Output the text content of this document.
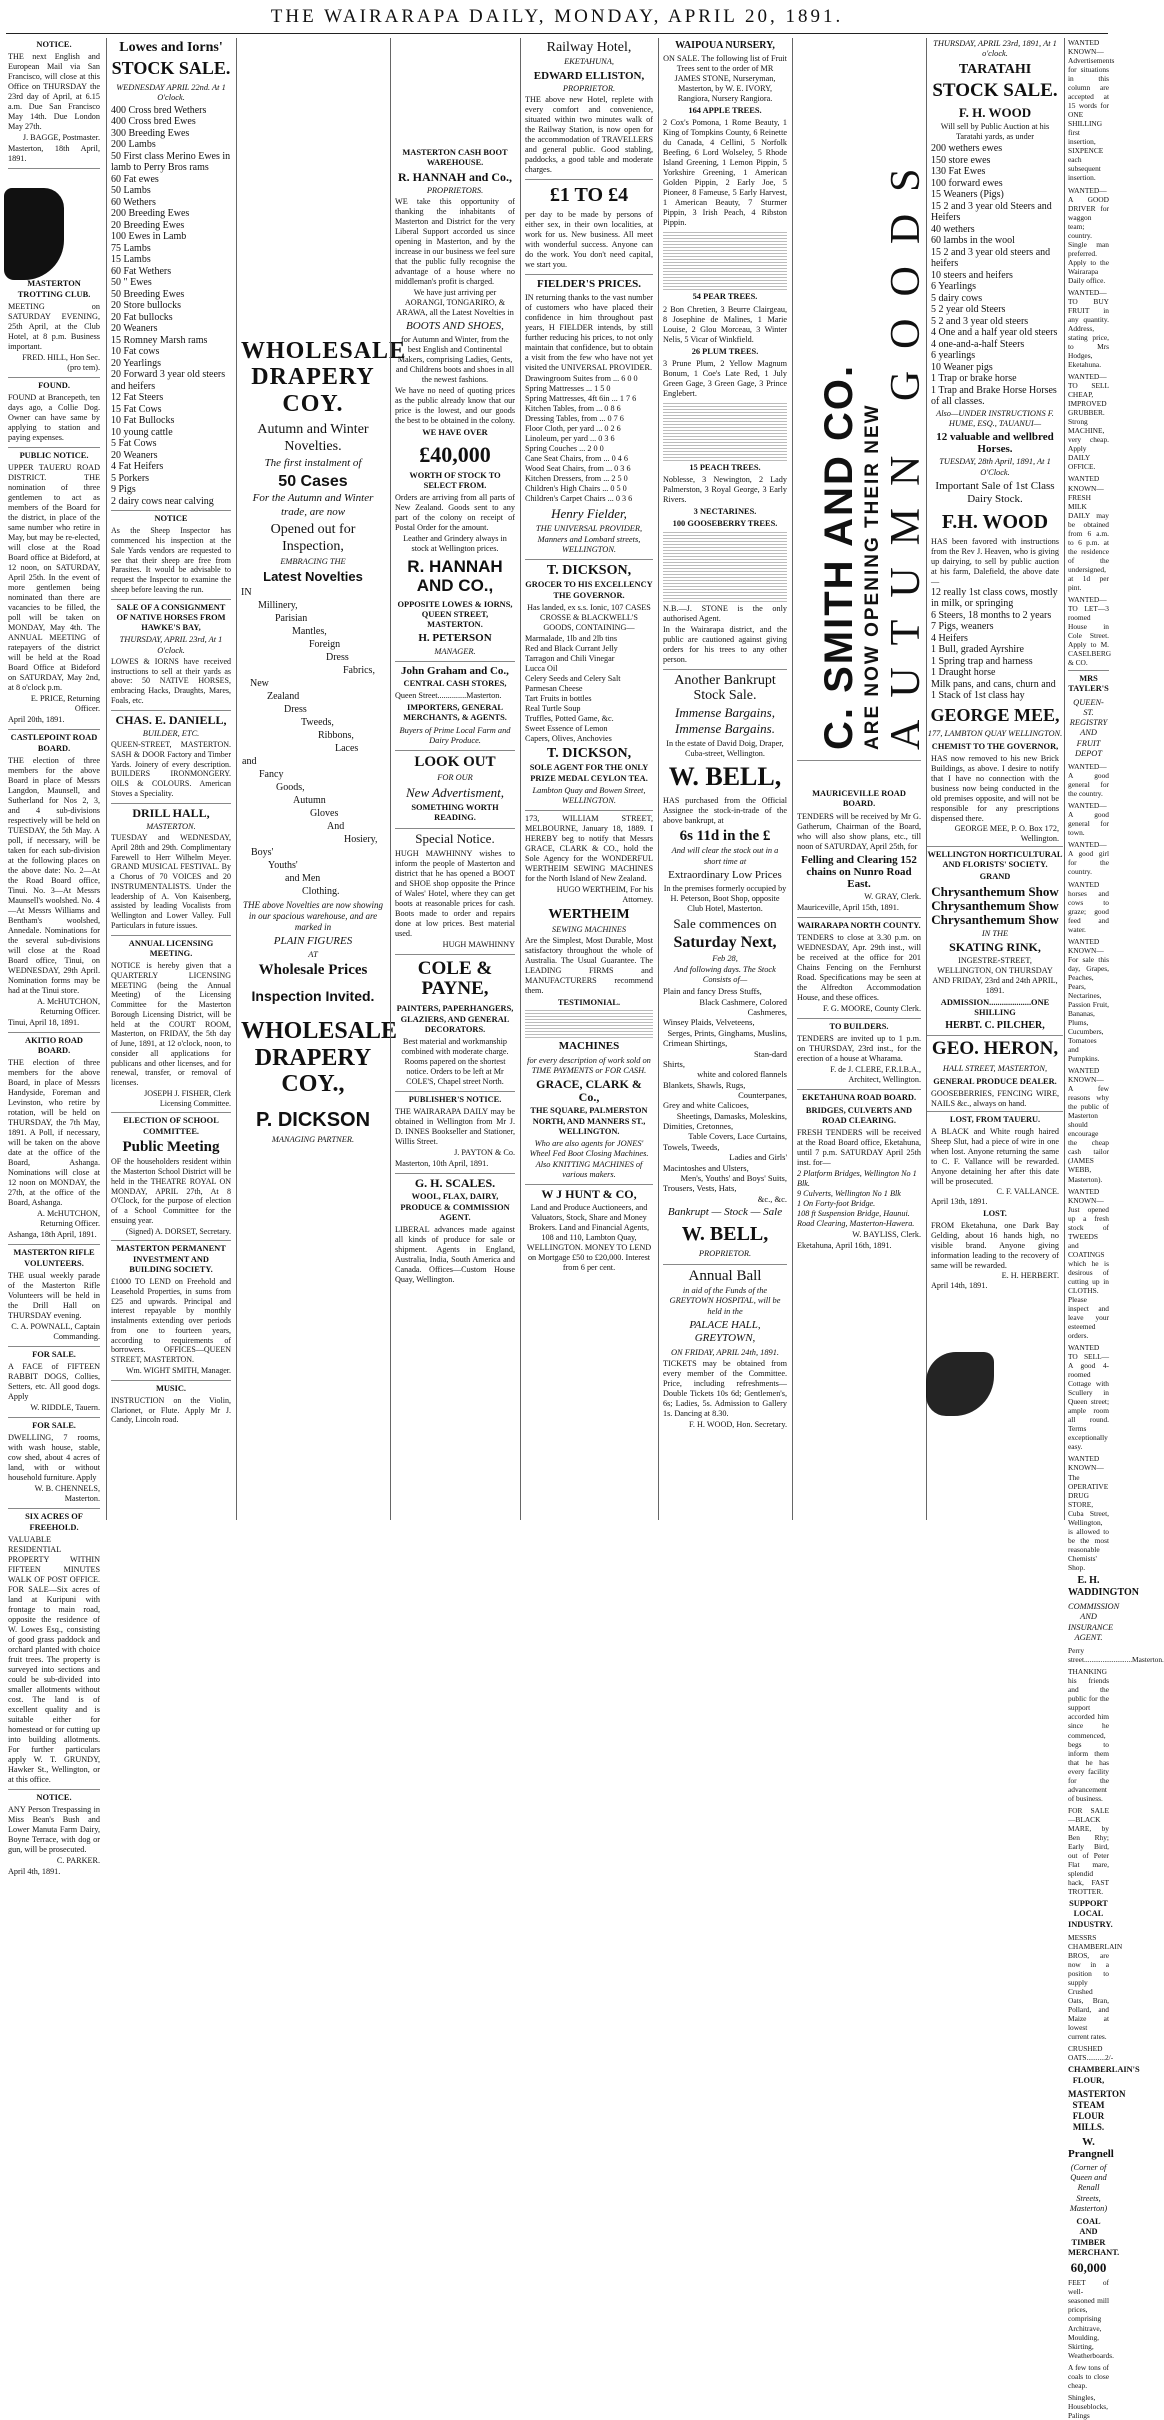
THE WAIRARAPA DAILY, MONDAY, APRIL 20, 1891.
NOTICE.
THE next English and European Mail via San Francisco, will close at this Office on THURSDAY the 23rd day of April, at 6.15 a.m. Due San Francisco May 14th. Due London May 27th.
J. BAGGE, Postmaster.
Masterton, 18th April, 1891.
MASTERTON TROTTING CLUB.
MEETING on SATURDAY EVENING, 25th April, at the Club Hotel, at 8 p.m. Business important.
FRED. HILL, Hon Sec. (pro tem).
FOUND.
FOUND at Brancepeth, ten days ago, a Collie Dog. Owner can have same by applying to station and paying expenses.
PUBLIC NOTICE.
UPPER TAUERU ROAD DISTRICT. THE nomination of three gentlemen to act as members of the Board for the district, in place of the same number who retire in May, but may be re-elected, will close at the Road Board office at Bideford, at 12 noon, on SATURDAY, April 25th. In the event of more gentlemen being nominated than there are vacancies to be filled, the poll will be taken on MONDAY, May 4th. The ANNUAL MEETING of ratepayers of the district will be held at the Road Board Office at Bideford on SATURDAY, May 2nd, at 8 o'clock p.m.
E. PRICE, Returning Officer.
April 20th, 1891.
CASTLEPOINT ROAD BOARD.
THE election of three members for the above Board in place of Messrs Langdon, Maunsell, and Sutherland for Nos 2, 3, and 4 sub-divisions respectively will be held on TUESDAY, the 5th May. A poll, if necessary, will be taken for each sub-division at the following places on the above date: No. 2—At the Road Board office, Tinui. No. 3—At Messrs Maunsell's woolshed. No. 4—At Messrs Williams and Bentham's woolshed, Annedale. Nominations for the several sub-divisions will close at the Road Board office, Tinui, on WEDNESDAY, 29th April. Nomination forms may be had at the Tinui store.
A. McHUTCHON, Returning Officer.
Tinui, April 18, 1891.
AKITIO ROAD BOARD.
THE election of three members for the above Board, in place of Messrs Handyside, Foreman and Levinston, who retire by rotation, will be held on THURSDAY, the 7th May, 1891. A Poll, if necessary, will be taken on the above date at the office of the Board, Ashanga. Nominations will close at 12 noon on MONDAY, the 27th, at the office of the Board, Ashanga.
A. McHUTCHON, Returning Officer.
Ashanga, 18th April, 1891.
MASTERTON RIFLE VOLUNTEERS.
THE usual weekly parade of the Masterton Rifle Volunteers will be held in the Drill Hall on THURSDAY evening.
C. A. POWNALL, Captain Commanding.
FOR SALE.
A FACE of FIFTEEN RABBIT DOGS, Collies, Setters, etc. All good dogs. Apply
W. RIDDLE, Tauern.
FOR SALE.
DWELLING, 7 rooms, with wash house, stable, cow shed, about 4 acres of land, with or without household furniture. Apply
W. B. CHENNELS, Masterton.
SIX ACRES OF FREEHOLD.
VALUABLE RESIDENTIAL PROPERTY WITHIN FIFTEEN MINUTES WALK OF POST OFFICE. FOR SALE—Six acres of land at Kuripuni with frontage to main road, opposite the residence of W. Lowes Esq., consisting of good grass paddock and orchard planted with choice fruit trees. The property is surveyed into sections and could be sub-divided into smaller allotments without cost. The land is of excellent quality and is suitable either for homestead or for cutting up into building allotments. For further particulars apply W. T. GRUNDY, Hawker St., Wellington, or at this office.
NOTICE.
ANY Person Trespassing in Miss Bean's Bush and Lower Manuta Farm Dairy, Boyne Terrace, with dog or gun, will be prosecuted.
C. PARKER.
April 4th, 1891.
Lowes and Iorns'
STOCK SALE.
WEDNESDAY APRIL 22nd. At 1 O'clock.
400 Cross bred Wethers
400 Cross bred Ewes
300 Breeding Ewes
200 Lambs
50 First class Merino Ewes in lamb to Perry Bros rams
60 Fat ewes
50 Lambs
60 Wethers
200 Breeding Ewes
20 Breeding Ewes
100 Ewes in Lamb
75 Lambs
15 Lambs
60 Fat Wethers
50 " Ewes
50 Breeding Ewes
20 Store bullocks
20 Fat bullocks
20 Weaners
15 Romney Marsh rams
10 Fat cows
20 Yearlings
20 Forward 3 year old steers and heifers
12 Fat Steers
15 Fat Cows
10 Fat Bullocks
10 young cattle
5 Fat Cows
20 Weaners
4 Fat Heifers
5 Porkers
9 Pigs
2 dairy cows near calving
NOTICE
As the Sheep Inspector has commenced his inspection at the Sale Yards vendors are requested to see that their sheep are free from Parasites. It would be advisable to request the Inspector to examine the sheep before leaving the run.
SALE OF A CONSIGNMENT OF NATIVE HORSES FROM HAWKE'S BAY,
THURSDAY, APRIL 23rd, At 1 O'clock.
LOWES & IORNS have received instructions to sell at their yards as above: 50 NATIVE HORSES, embracing Hacks, Draughts, Mares, Foals, etc.
CHAS. E. DANIELL,
BUILDER, ETC.
QUEEN-STREET, MASTERTON. SASH & DOOR Factory and Timber Yards. Joinery of every description. BUILDERS IRONMONGERY. OILS & COLOURS. American Stoves a Speciality.
DRILL HALL,
MASTERTON.
TUESDAY and WEDNESDAY, April 28th and 29th. Complimentary Farewell to Herr Wilhelm Meyer. GRAND MUSICAL FESTIVAL. By a Chorus of 70 VOICES and 20 INSTRUMENTALISTS. Under the leadership of A. Von Kaisenberg, assisted by leading Vocalists from Wellington and Lower Valley. Full Particulars in future issues.
ANNUAL LICENSING MEETING.
NOTICE is hereby given that a QUARTERLY LICENSING MEETING (being the Annual Meeting) of the Licensing Committee for the Masterton Borough Licensing District, will be held at the COURT ROOM, Masterton, on FRIDAY, the 5th day of June, 1891, at 12 o'clock, noon, to consider all applications for publicans and other licenses, and for renewal, transfer, or removal of licenses.
JOSEPH J. FISHER, Clerk Licensing Committee.
ELECTION OF SCHOOL COMMITTEE.
Public Meeting
OF the householders resident within the Masterton School District will be held in the THEATRE ROYAL ON MONDAY, APRIL 27th, At 8 O'Clock, for the purpose of election of a School Committee for the ensuing year.
(Signed) A. DORSET, Secretary.
MASTERTON PERMANENT INVESTMENT AND BUILDING SOCIETY.
£1000 TO LEND on Freehold and Leasehold Properties, in sums from £25 and upwards. Principal and interest repayable by monthly instalments extending over periods from one to fourteen years, according to requirements of borrowers. OFFICES—QUEEN STREET, MASTERTON.
Wm. WIGHT SMITH, Manager.
MUSIC.
INSTRUCTION on the Violin, Clarionet, or Flute. Apply Mr J. Candy, Lincoln road.
WHOLESALE DRAPERY COY.
Autumn and Winter Novelties.
The first instalment of
50 Cases
For the Autumn and Winter trade, are now
Opened out for Inspection,
EMBRACING THE
Latest Novelties
IN
Millinery,
Parisian
Mantles,
Foreign
Dress
Fabrics,
New
Zealand
Dress
Tweeds,
Ribbons,
Laces
and
Fancy
Goods,
Autumn
Gloves
And
Hosiery,
Boys'
Youths'
and Men
Clothing.
THE above Novelties are now showing in our spacious warehouse, and are marked in
PLAIN FIGURES
AT
Wholesale Prices
Inspection Invited.
WHOLESALE DRAPERY COY.,
P. DICKSON
MANAGING PARTNER.
MASTERTON CASH BOOT WAREHOUSE.
R. HANNAH and Co.,
PROPRIETORS.
WE take this opportunity of thanking the inhabitants of Masterton and District for the very Liberal Support accorded us since opening in Masterton, and by the increase in our business we feel sure that the public fully recognise the advantage of a house where no middleman's profit is charged.
We have just arriving per AORANGI, TONGARIRO, & ARAWA, all the Latest Novelties in
BOOTS AND SHOES,
for Autumn and Winter, from the best English and Continental Makers, comprising Ladies, Gents, and Childrens boots and shoes in all the newest fashions.
We have no need of quoting prices as the public already know that our price is the lowest, and our goods the best to be obtained in the colony.
WE HAVE OVER
£40,000
WORTH OF STOCK TO SELECT FROM.
Orders are arriving from all parts of New Zealand. Goods sent to any part of the colony on receipt of Postal Order for the amount.
Leather and Grindery always in stock at Wellington prices.
R. HANNAH AND CO.,
OPPOSITE LOWES & IORNS, QUEEN STREET, MASTERTON.
H. PETERSON
MANAGER.
John Graham and Co.,
CENTRAL CASH STORES,
Queen Street..............Masterton.
IMPORTERS, GENERAL MERCHANTS, & AGENTS.
Buyers of Prime Local Farm and Dairy Produce.
LOOK OUT
FOR OUR
New Advertisment,
SOMETHING WORTH READING.
Special Notice.
HUGH MAWHINNY wishes to inform the people of Masterton and district that he has opened a BOOT and SHOE shop opposite the Prince of Wales' Hotel, where they can get boots at reasonable prices for cash. Boots made to order and repairs done at low prices. Best material used.
HUGH MAWHINNY
COLE & PAYNE,
PAINTERS, PAPERHANGERS, GLAZIERS, AND GENERAL DECORATORS.
Best material and workmanship combined with moderate charge. Rooms papered on the shortest notice. Orders to be left at Mr COLE'S, Chapel street North.
PUBLISHER'S NOTICE.
THE WAIRARAPA DAILY may be obtained in Wellington from Mr J. D. INNES Bookseller and Stationer, Willis Street.
J. PAYTON & Co.
Masterton, 10th April, 1891.
G. H. SCALES.
WOOL, FLAX, DAIRY, PRODUCE & COMMISSION AGENT.
LIBERAL advances made against all kinds of produce for sale or shipment. Agents in England, Australia, India, South America and Canada. Offices—Custom House Quay, Wellington.
Railway Hotel,
EKETAHUNA,
EDWARD ELLISTON,
PROPRIETOR.
THE above new Hotel, replete with every comfort and convenience, situated within two minutes walk of the Railway Station, is now open for the accommodation of TRAVELLERS and general public. Good stabling, paddocks, a good table and moderate charges.
£1 TO £4
per day to be made by persons of either sex, in their own localities, at work for us. New business. All meet with wonderful success. Anyone can do the work. You don't need capital, we start you.
FIELDER'S PRICES.
IN returning thanks to the vast number of customers who have placed their confidence in him throughout past years, H FIELDER intends, by still further reducing his prices, to not only maintain that confidence, but to obtain a visit from the few who have not yet visited the UNIVERSAL PROVIDER.
Drawingroom Suites from ... 6 0 0
Spring Mattresses ... 1 5 0
Spring Mattresses, 4ft 6in ... 1 7 6
Kitchen Tables, from ... 0 8 6
Dressing Tables, from ... 0 7 6
Floor Cloth, per yard ... 0 2 6
Linoleum, per yard ... 0 3 6
Spring Couches ... 2 0 0
Cane Seat Chairs, from ... 0 4 6
Wood Seat Chairs, from ... 0 3 6
Kitchen Dressers, from ... 2 5 0
Children's High Chairs ... 0 5 0
Children's Carpet Chairs ... 0 3 6
Henry Fielder,
THE UNIVERSAL PROVIDER, Manners and Lombard streets, WELLINGTON.
T. DICKSON,
GROCER TO HIS EXCELLENCY THE GOVERNOR.
Has landed, ex s.s. Ionic, 107 CASES CROSSE & BLACKWELL'S GOODS, CONTAINING—
Marmalade, 1lb and 2lb tins
Red and Black Currant Jelly
Tarragon and Chili Vinegar
Lucca Oil
Celery Seeds and Celery Salt
Parmesan Cheese
Tart Fruits in bottles
Real Turtle Soup
Truffles, Potted Game, &c.
Sweet Essence of Lemon
Capers, Olives, Anchovies
T. DICKSON,
SOLE AGENT FOR THE ONLY PRIZE MEDAL CEYLON TEA.
Lambton Quay and Bowen Street, WELLINGTON.
173, WILLIAM STREET, MELBOURNE, January 18, 1889. I HEREBY beg to notify that Messrs GRACE, CLARK & CO., hold the Sole Agency for the WONDERFUL WERTHEIM SEWING MACHINES for the North Island of New Zealand.
HUGO WERTHEIM, For his Attorney.
WERTHEIM
SEWING MACHINES
Are the Simplest, Most Durable, Most satisfactory throughout the whole of Australia. The Usual Guarantee. The LEADING FIRMS and MANUFACTURERS recommend them.
TESTIMONIAL.
MACHINES
for every description of work sold on TIME PAYMENTS or FOR CASH.
GRACE, CLARK & Co.,
THE SQUARE, PALMERSTON NORTH, AND MANNERS ST., WELLINGTON.
Who are also agents for JONES' Wheel Fed Boot Closing Machines. Also KNITTING MACHINES of various makers.
W J HUNT & CO,
Land and Produce Auctioneers, and Valuators, Stock, Share and Money Brokers. Land and Financial Agents, 108 and 110, Lambton Quay, WELLINGTON. MONEY TO LEND on Mortgage £50 to £20,000. Interest from 6 per cent.
WAIPOUA NURSERY,
ON SALE. The following list of Fruit Trees sent to the order of MR JAMES STONE, Nurseryman, Masterton, by W. E. IVORY, Rangiora, Nursery Rangiora.
164 APPLE TREES.
2 Cox's Pomona, 1 Rome Beauty, 1 King of Tompkins County, 6 Reinette du Canada, 4 Cellini, 5 Norfolk Beefing, 6 Lord Wolseley, 5 Rhode Island Greening, 1 Lemon Pippin, 5 Yorkshire Greening, 1 American Golden Pippin, 2 Early Joe, 5 Pioneer, 8 Fameuse, 5 Early Harvest, 1 American Beauty, 7 Sturmer Pippin, 3 Irish Peach, 4 Ribston Pippin.
54 PEAR TREES.
2 Bon Chretien, 3 Beurre Clairgeau, 8 Josephine de Malines, 1 Marie Louise, 2 Glou Morceau, 3 Winter Nelis, 5 Vicar of Winkfield.
26 PLUM TREES.
3 Prune Plum, 2 Yellow Magnum Bonum, 1 Coe's Late Red, 1 July Green Gage, 3 Green Gage, 3 Prince Englebert.
15 PEACH TREES.
Noblesse, 3 Newington, 2 Lady Palmerston, 3 Royal George, 3 Early Rivers.
3 NECTARINES.
100 GOOSEBERRY TREES.
N.B.—J. STONE is the only authorised Agent.
In the Wairarapa district, and the public are cautioned against giving orders for his trees to any other person.
Another Bankrupt Stock Sale.
Immense Bargains, Immense Bargains.
In the estate of David Doig, Draper, Cuba-street, Wellington.
W. BELL,
HAS purchased from the Official Assignee the stock-in-trade of the above bankrupt, at
6s 11d in the £
And will clear the stock out in a short time at
Extraordinary Low Prices
In the premises formerly occupied by H. Peterson, Boot Shop, opposite Club Hotel, Masterton.
Sale commences on
Saturday Next,
Feb 28,
And following days. The Stock Consists of—
Plain and fancy Dress Stuffs,
Black Cashmere, Colored Cashmeres,
Winsey Plaids, Velveteens,
Serges, Prints, Ginghams, Muslins,
Crimean Shirtings,
Stan-dard
Shirts,
white and colored flannels
Blankets, Shawls, Rugs,
Counterpanes,
Grey and white Calicoes,
Sheetings, Damasks, Moleskins,
Dimities, Cretonnes,
Table Covers, Lace Curtains,
Towels, Tweeds,
Ladies and Girls'
Macintoshes and Ulsters,
Men's, Youths' and Boys' Suits,
Trousers, Vests, Hats,
&c., &c.
Bankrupt — Stock — Sale
W. BELL,
PROPRIETOR.
Annual Ball
in aid of the Funds of the GREYTOWN HOSPITAL, will be held in the
PALACE HALL, GREYTOWN,
ON FRIDAY, APRIL 24th, 1891.
TICKETS may be obtained from every member of the Committee. Price, including refreshments—Double Tickets 10s 6d; Gentlemen's, 6s; Ladies, 5s. Admission to Gallery 1s. Dancing at 8.30.
F. H. WOOD, Hon. Secretary.
C. SMITH AND CO. ARE NOW OPENING THEIR NEW AUTUMN GOODS
MAURICEVILLE ROAD BOARD.
TENDERS will be received by Mr G. Gatherum, Chairman of the Board, who will also show plans, etc., till noon of SATURDAY, April 25th, for
Felling and Clearing 152 chains on Nunro Road East.
W. GRAY, Clerk.
Mauriceville, April 15th, 1891.
WAIRARAPA NORTH COUNTY.
TENDERS to close at 3.30 p.m. on WEDNESDAY, Apr. 29th inst., will be received at the office for 201 Chains Fencing on the Fernhurst Road. Specifications may be seen at the Alfredton Accommodation House, and these offices.
F. G. MOORE, County Clerk.
TO BUILDERS.
TENDERS are invited up to 1 p.m. on THURSDAY, 23rd inst., for the erection of a house at Wharama.
F. de J. CLERE, F.R.I.B.A., Architect, Wellington.
EKETAHUNA ROAD BOARD.
BRIDGES, CULVERTS AND ROAD CLEARING.
FRESH TENDERS will be received at the Road Board office, Eketahuna, until 7 p.m. SATURDAY April 25th inst. for—
2 Platform Bridges, Wellington No 1 Blk.
9 Culverts, Wellington No 1 Blk
1 On Forty-foot Bridge.
108 ft Suspension Bridge, Haunui.
Road Clearing, Masterton-Hawera.
W. BAYLISS, Clerk.
Eketahuna, April 16th, 1891.
THURSDAY, APRIL 23rd, 1891, At 1 o'clock.
TARATAHI
STOCK SALE.
F. H. WOOD
Will sell by Public Auction at his Taratahi yards, as under
200 wethers ewes
150 store ewes
130 Fat Ewes
100 forward ewes
15 Weaners (Pigs)
15 2 and 3 year old Steers and Heifers
40 wethers
60 lambs in the wool
15 2 and 3 year old steers and heifers
10 steers and heifers
6 Yearlings
5 dairy cows
5 2 year old Steers
5 2 and 3 year old steers
4 One and a half year old steers
4 one-and-a-half Steers
6 yearlings
10 Weaner pigs
1 Trap or brake horse
1 Trap and Brake Horse Horses of all classes.
Also—UNDER INSTRUCTIONS F. HUME, ESQ., TAUANUI—
12 valuable and wellbred Horses.
TUESDAY, 28th April, 1891, At 1 O'Clock.
Important Sale of 1st Class Dairy Stock.
F.H. WOOD
HAS been favored with instructions from the Rev J. Heaven, who is giving up dairying, to sell by public auction at his farm, Dalefield, the above date—
12 really 1st class cows, mostly in milk, or springing
6 Steers, 18 months to 2 years
7 Pigs, weaners
4 Heifers
1 Bull, graded Ayrshire
1 Spring trap and harness
1 Draught horse
Milk pans, and cans, churn and
1 Stack of 1st class hay
GEORGE MEE,
177, LAMBTON QUAY WELLINGTON.
CHEMIST TO THE GOVERNOR,
HAS now removed to his new Brick Buildings, as above. I desire to notify that I have no connection with the business now being conducted in the old premises opposite, and will not be responsible for any prescriptions dispensed there.
GEORGE MEE, P. O. Box 172, Wellington.
WELLINGTON HORTICULTURAL AND FLORISTS' SOCIETY.
GRAND
Chrysanthemum Show
Chrysanthemum Show
Chrysanthemum Show
IN THE
SKATING RINK,
INGESTRE-STREET, WELLINGTON, ON THURSDAY AND FRIDAY, 23rd and 24th APRIL, 1891.
ADMISSION....................ONE SHILLING
HERBT. C. PILCHER,
GEO. HERON,
HALL STREET, MASTERTON,
GENERAL PRODUCE DEALER.
GOOSEBERRIES, FENCING WIRE, NAILS &c., always on hand.
LOST, FROM TAUERU.
A BLACK and White rough haired Sheep Slut, had a piece of wire in one when lost. Anyone returning the same to C. F. Vallance will be rewarded. Anyone detaining her after this date will be prosecuted.
C. F. VALLANCE.
April 13th, 1891.
LOST.
FROM Eketahuna, one Dark Bay Gelding, about 16 hands high, no visible brand. Anyone giving information leading to the recovery of same will be rewarded.
E. H. HERBERT.
April 14th, 1891.
WANTED KNOWN—Advertisements for situations in this column are accepted at 15 words for ONE SHILLING first insertion, SIXPENCE each subsequent insertion.
WANTED—A GOOD DRIVER for waggon team; country. Single man preferred. Apply to the Wairarapa Daily office.
WANTED—TO BUY FRUIT in any quantity. Address, stating price, to Mrs Hodges, Eketahuna.
WANTED—TO SELL CHEAP, IMPROVED GRUBBER. Strong MACHINE, very cheap. Apply DAILY OFFICE.
WANTED KNOWN—FRESH MILK DAILY may be obtained from 6 a.m. to 6 p.m. at the residence of the undersigned, at 1d per pint.
WANTED—TO LET—3 roomed House in Cole Street. Apply to M. CASELBERG & CO.
MRS TAYLER'S
QUEEN-ST. REGISTRY AND FRUIT DEPOT
WANTED—A good general for the country.
WANTED—A good general for town.
WANTED—A good girl for the country.
WANTED horses and cows to graze; good feed and water.
WANTED KNOWN—For sale this day, Grapes, Peaches, Pears, Nectarines, Passion Fruit, Bananas, Plums, Cucumbers, Tomatoes and Pumpkins.
WANTED KNOWN—A few reasons why the public of Masterton should encourage the cheap cash tailor (JAMES WEBB, Masterton).
WANTED KNOWN—Just opened up a fresh stock of TWEEDS and COATINGS which he is desirous of cutting up in CLOTHS. Please inspect and leave your esteemed orders.
WANTED TO SELL—A good 4-roomed Cottage with Scullery in Queen street; ample room all round. Terms exceptionally easy.
WANTED KNOWN—The OPERATIVE DRUG STORE, Cuba Street, Wellington, is allowed to be the most reasonable Chemists' Shop.
E. H. WADDINGTON
COMMISSION AND INSURANCE AGENT.
Perry street..........................Masterton.
THANKING his friends and the public for the support accorded him since he commenced, begs to inform them that he has every facility for the advancement of business.
FOR SALE—BLACK MARE, by Ben Rhy; Early Bird, out of Peter Flat mare, splendid hack, FAST TROTTER.
SUPPORT LOCAL INDUSTRY.
MESSRS CHAMBERLAIN BROS, are now in a position to supply Crushed Oats, Bran, Pollard, and Maize at lowest current rates.
CRUSHED OATS..........2/-
CHAMBERLAIN'S FLOUR,
MASTERTON STEAM FLOUR MILLS.
W. Prangnell
(Corner of Queen and Renall Streets, Masterton)
COAL AND TIMBER MERCHANT.
60,000
FEET of well-seasoned mill prices, comprising Architrave, Moulding, Skirting, Weatherboards.
A few tons of coals to close cheap.
Shingles, Houseblocks, Palings
